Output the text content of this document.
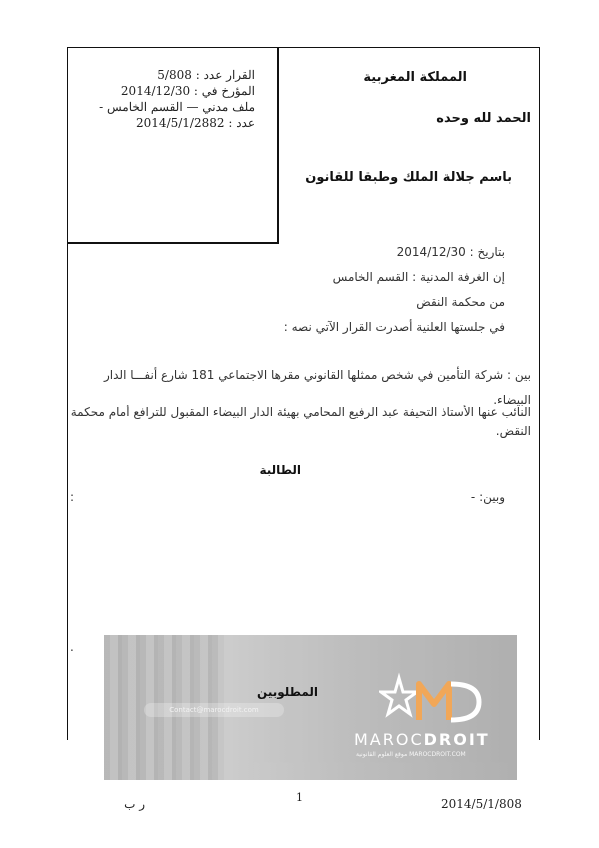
القرار عدد : 5/808
المؤرخ في : 2014/12/30
ملف مدني — القسم الخامس -
عدد : 2014/5/1/2882
المملكة المغربية
الحمد لله وحده
باسم جلالة الملك وطبقا للقانون
بتاريخ : 2014/12/30
إن الغرفة المدنية : القسم الخامس
من محكمة النقض
في جلستها العلنية أصدرت القرار الآتي نصه :
بين : شركة التأمين في شخص ممثلها القانوني مقرها الاجتماعي 181 شارع أنفـــا الدار
البيضاء.
النائب عنها الأستاذ التحيفة عبد الرفيع المحامي بهيئة الدار البيضاء المقبول للترافع أمام محكمة
النقض.
الطالبة
وبين: -
:
.
Contact@marocdroit.com
MAROCDROIT
موقع العلوم القانونية MAROCDROIT.COM
المطلوبين
1	2014/5/1/808
ر ب
